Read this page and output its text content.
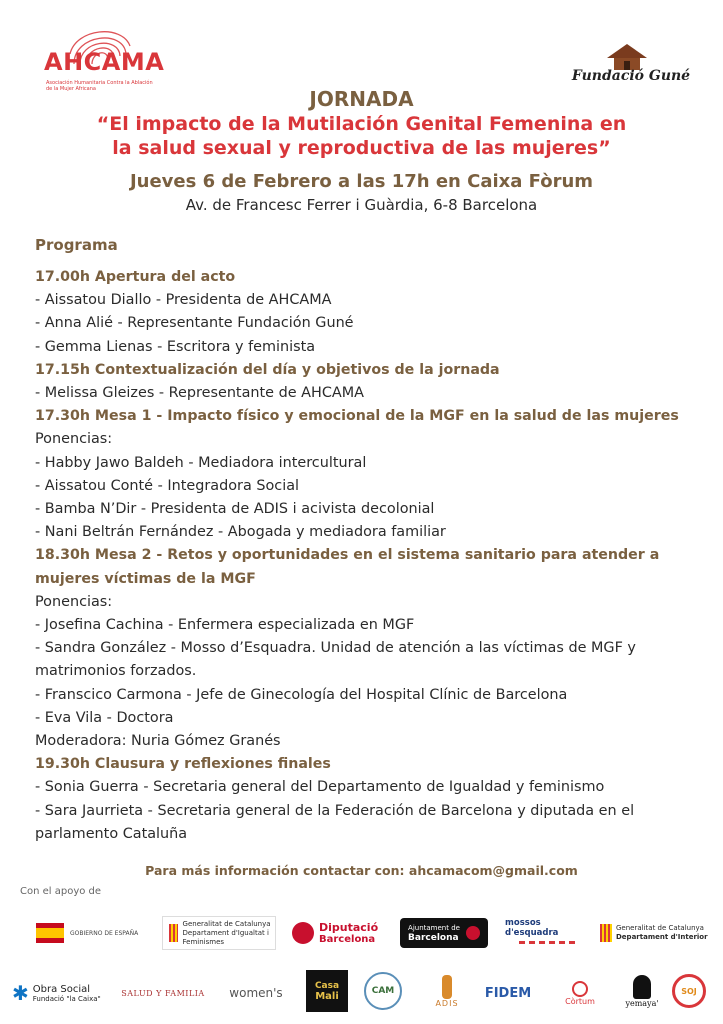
AHCAMA
Asociación Humanitaria Contra la Ablación de la Mujer Africana
Fundació Guné
JORNADA
“El impacto de la Mutilación Genital Femenina en
la salud sexual y reproductiva de las mujeres”
Jueves 6 de Febrero a las 17h en Caixa Fòrum
Av. de Francesc Ferrer i Guàrdia, 6-8 Barcelona
Programa
17.00h Apertura del acto
- Aissatou Diallo - Presidenta de AHCAMA
- Anna Alié - Representante Fundación Guné
- Gemma Lienas - Escritora y feminista
17.15h Contextualización del día y objetivos de la jornada
- Melissa Gleizes - Representante de AHCAMA
17.30h Mesa 1 - Impacto físico y emocional de la MGF en la salud de las mujeres
Ponencias:
- Habby Jawo Baldeh - Mediadora intercultural
- Aissatou Conté - Integradora Social
- Bamba N’Dir - Presidenta de ADIS i acivista decolonial
- Nani Beltrán Fernández - Abogada y mediadora familiar
18.30h Mesa 2 - Retos y oportunidades en el sistema sanitario para atender a
mujeres víctimas de la MGF
Ponencias:
- Josefina Cachina - Enfermera especializada en MGF
- Sandra González - Mosso d’Esquadra. Unidad de atención a las víctimas de MGF y
matrimonios forzados.
- Franscico Carmona - Jefe de Ginecología del Hospital Clínic de Barcelona
- Eva Vila - Doctora
Moderadora: Nuria Gómez Granés
19.30h Clausura y reflexiones finales
- Sonia Guerra - Secretaria general del Departamento de Igualdad y feminismo
- Sara Jaurrieta - Secretaria general de la Federación de Barcelona y diputada en el
parlamento Cataluña
Para más información contactar con: ahcamacom@gmail.com
Con el apoyo de
GOBIERNO DE ESPAÑA
Generalitat de Catalunya
Departament d'Igualtat i Feminismes
Diputació
Barcelona
Ajuntament de
Barcelona
mossos d'esquadra	Generalitat de Catalunya
Departament d'Interior
✱ Obra Social
Fundació "la Caixa"
SALUD Y FAMILIA women's
Casa
Mali	CAM
ADIS
FIDEM
Còrtum	yemaya'
SOJ
